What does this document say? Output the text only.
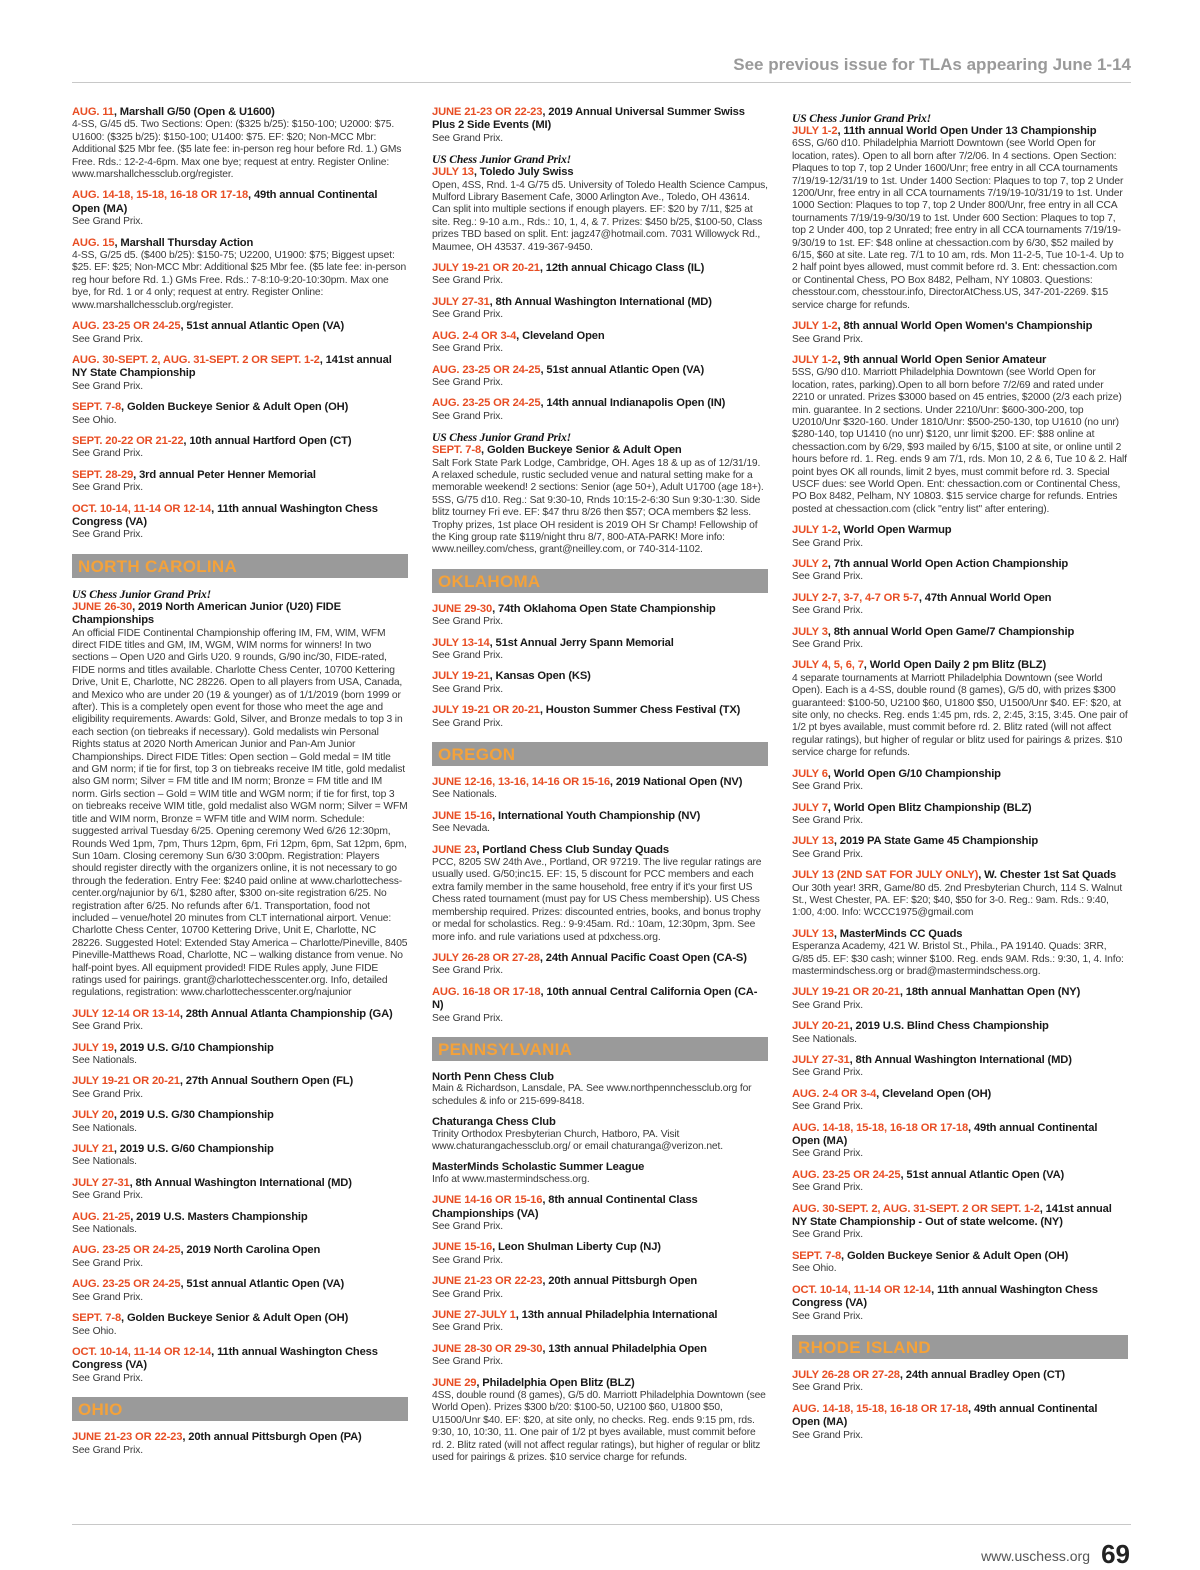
See previous issue for TLAs appearing June 1-14
AUG. 11, Marshall G/50 (Open & U1600)
4-SS, G/45 d5. Two Sections: Open: ($325 b/25): $150-100; U2000: $75. U1600: ($325 b/25): $150-100; U1400: $75. EF: $20; Non-MCC Mbr: Additional $25 Mbr fee. ($5 late fee: in-person reg hour before Rd. 1.) GMs Free. Rds.: 12-2-4-6pm. Max one bye; request at entry. Register Online: www.marshallchessclub.org/register.
AUG. 14-18, 15-18, 16-18 OR 17-18, 49th annual Continental Open (MA)
See Grand Prix.
AUG. 15, Marshall Thursday Action
4-SS, G/25 d5. ($400 b/25): $150-75; U2200, U1900: $75; Biggest upset: $25. EF: $25; Non-MCC Mbr: Additional $25 Mbr fee. ($5 late fee: in-person reg hour before Rd. 1.) GMs Free. Rds.: 7-8:10-9:20-10:30pm. Max one bye, for Rd. 1 or 4 only; request at entry. Register Online: www.marshallchessclub.org/register.
AUG. 23-25 OR 24-25, 51st annual Atlantic Open (VA)
See Grand Prix.
AUG. 30-SEPT. 2, AUG. 31-SEPT. 2 OR SEPT. 1-2, 141st annual NY State Championship
See Grand Prix.
SEPT. 7-8, Golden Buckeye Senior & Adult Open (OH)
See Ohio.
SEPT. 20-22 OR 21-22, 10th annual Hartford Open (CT)
See Grand Prix.
SEPT. 28-29, 3rd annual Peter Henner Memorial
See Grand Prix.
OCT. 10-14, 11-14 OR 12-14, 11th annual Washington Chess Congress (VA)
See Grand Prix.
NORTH CAROLINA
US Chess Junior Grand Prix!
JUNE 26-30, 2019 North American Junior (U20) FIDE Championships
An official FIDE Continental Championship offering IM, FM, WIM, WFM direct FIDE titles and GM, IM, WGM, WIM norms for winners! In two sections – Open U20 and Girls U20. 9 rounds, G/90 inc/30, FIDE-rated, FIDE norms and titles available. Charlotte Chess Center, 10700 Kettering Drive, Unit E, Charlotte, NC 28226. Open to all players from USA, Canada, and Mexico who are under 20 (19 & younger) as of 1/1/2019 (born 1999 or after). This is a completely open event for those who meet the age and eligibility requirements. Awards: Gold, Silver, and Bronze medals to top 3 in each section (on tiebreaks if necessary). Gold medalists win Personal Rights status at 2020 North American Junior and Pan-Am Junior Championships. Direct FIDE Titles: Open section – Gold medal = IM title and GM norm; if tie for first, top 3 on tiebreaks receive IM title, gold medalist also GM norm; Silver = FM title and IM norm; Bronze = FM title and IM norm. Girls section – Gold = WIM title and WGM norm; if tie for first, top 3 on tiebreaks receive WIM title, gold medalist also WGM norm; Silver = WFM title and WIM norm, Bronze = WFM title and WIM norm. Schedule: suggested arrival Tuesday 6/25. Opening ceremony Wed 6/26 12:30pm, Rounds Wed 1pm, 7pm, Thurs 12pm, 6pm, Fri 12pm, 6pm, Sat 12pm, 6pm, Sun 10am. Closing ceremony Sun 6/30 3:00pm. Registration: Players should register directly with the organizers online, it is not necessary to go through the federation. Entry Fee: $240 paid online at www.charlottechess-center.org/najunior by 6/1, $280 after, $300 on-site registration 6/25. No registration after 6/25. No refunds after 6/1. Transportation, food not included – venue/hotel 20 minutes from CLT international airport. Venue: Charlotte Chess Center, 10700 Kettering Drive, Unit E, Charlotte, NC 28226. Suggested Hotel: Extended Stay America – Charlotte/Pineville, 8405 Pineville-Matthews Road, Charlotte, NC – walking distance from venue. No half-point byes. All equipment provided! FIDE Rules apply, June FIDE ratings used for pairings. grant@charlottechesscenter.org. Info, detailed regulations, registration: www.charlottechesscenter.org/najunior
JULY 12-14 OR 13-14, 28th Annual Atlanta Championship (GA)
See Grand Prix.
JULY 19, 2019 U.S. G/10 Championship
See Nationals.
JULY 19-21 OR 20-21, 27th Annual Southern Open (FL)
See Grand Prix.
JULY 20, 2019 U.S. G/30 Championship
See Nationals.
JULY 21, 2019 U.S. G/60 Championship
See Nationals.
JULY 27-31, 8th Annual Washington International (MD)
See Grand Prix.
AUG. 21-25, 2019 U.S. Masters Championship
See Nationals.
AUG. 23-25 OR 24-25, 2019 North Carolina Open
See Grand Prix.
AUG. 23-25 OR 24-25, 51st annual Atlantic Open (VA)
See Grand Prix.
SEPT. 7-8, Golden Buckeye Senior & Adult Open (OH)
See Ohio.
OCT. 10-14, 11-14 OR 12-14, 11th annual Washington Chess Congress (VA)
See Grand Prix.
OHIO
JUNE 21-23 OR 22-23, 20th annual Pittsburgh Open (PA)
See Grand Prix.
JUNE 21-23 OR 22-23, 2019 Annual Universal Summer Swiss Plus 2 Side Events (MI)
See Grand Prix.
US Chess Junior Grand Prix!
JULY 13, Toledo July Swiss
Open, 4SS, Rnd. 1-4 G/75 d5. University of Toledo Health Science Campus, Mulford Library Basement Cafe, 3000 Arlington Ave., Toledo, OH 43614. Can split into multiple sections if enough players. EF: $20 by 7/11, $25 at site. Reg.: 9-10 a.m., Rds.: 10, 1, 4, & 7. Prizes: $450 b/25, $100-50, Class prizes TBD based on split. Ent: jagz47@hotmail.com. 7031 Willowyck Rd., Maumee, OH 43537. 419-367-9450.
JULY 19-21 OR 20-21, 12th annual Chicago Class (IL)
See Grand Prix.
JULY 27-31, 8th Annual Washington International (MD)
See Grand Prix.
AUG. 2-4 OR 3-4, Cleveland Open
See Grand Prix.
AUG. 23-25 OR 24-25, 51st annual Atlantic Open (VA)
See Grand Prix.
AUG. 23-25 OR 24-25, 14th annual Indianapolis Open (IN)
See Grand Prix.
US Chess Junior Grand Prix!
SEPT. 7-8, Golden Buckeye Senior & Adult Open
Salt Fork State Park Lodge, Cambridge, OH. Ages 18 & up as of 12/31/19. A relaxed schedule, rustic secluded venue and natural setting make for a memorable weekend! 2 sections: Senior (age 50+), Adult U1700 (age 18+). 5SS, G/75 d10. Reg.: Sat 9:30-10, Rnds 10:15-2-6:30 Sun 9:30-1:30. Side blitz tourney Fri eve. EF: $47 thru 8/26 then $57; OCA members $2 less. Trophy prizes, 1st place OH resident is 2019 OH Sr Champ! Fellowship of the King group rate $119/night thru 8/7, 800-ATA-PARK! More info: www.neilley.com/chess, grant@neilley.com, or 740-314-1102.
OKLAHOMA
JUNE 29-30, 74th Oklahoma Open State Championship
See Grand Prix.
JULY 13-14, 51st Annual Jerry Spann Memorial
See Grand Prix.
JULY 19-21, Kansas Open (KS)
See Grand Prix.
JULY 19-21 OR 20-21, Houston Summer Chess Festival (TX)
See Grand Prix.
OREGON
JUNE 12-16, 13-16, 14-16 OR 15-16, 2019 National Open (NV)
See Nationals.
JUNE 15-16, International Youth Championship (NV)
See Nevada.
JUNE 23, Portland Chess Club Sunday Quads
PCC, 8205 SW 24th Ave., Portland, OR 97219. The live regular ratings are usually used. G/50;inc15. EF: 15, 5 discount for PCC members and each extra family member in the same household, free entry if it's your first US Chess rated tournament (must pay for US Chess membership). US Chess membership required. Prizes: discounted entries, books, and bonus trophy or medal for scholastics. Reg.: 9-9:45am. Rd.: 10am, 12:30pm, 3pm. See more info. and rule variations used at pdxchess.org.
JULY 26-28 OR 27-28, 24th Annual Pacific Coast Open (CA-S)
See Grand Prix.
AUG. 16-18 OR 17-18, 10th annual Central California Open (CA-N)
See Grand Prix.
PENNSYLVANIA
North Penn Chess Club
Main & Richardson, Lansdale, PA. See www.northpennchessclub.org for schedules & info or 215-699-8418.
Chaturanga Chess Club
Trinity Orthodox Presbyterian Church, Hatboro, PA. Visit www.chaturangachessclub.org/ or email chaturanga@verizon.net.
MasterMinds Scholastic Summer League
Info at www.mastermindschess.org.
JUNE 14-16 OR 15-16, 8th annual Continental Class Championships (VA)
See Grand Prix.
JUNE 15-16, Leon Shulman Liberty Cup (NJ)
See Grand Prix.
JUNE 21-23 OR 22-23, 20th annual Pittsburgh Open
See Grand Prix.
JUNE 27-JULY 1, 13th annual Philadelphia International
See Grand Prix.
JUNE 28-30 OR 29-30, 13th annual Philadelphia Open
See Grand Prix.
JUNE 29, Philadelphia Open Blitz (BLZ)
4SS, double round (8 games), G/5 d0. Marriott Philadelphia Downtown (see World Open). Prizes $300 b/20: $100-50, U2100 $60, U1800 $50, U1500/Unr $40. EF: $20, at site only, no checks. Reg. ends 9:15 pm, rds. 9:30, 10, 10:30, 11. One pair of 1/2 pt byes available, must commit before rd. 2. Blitz rated (will not affect regular ratings), but higher of regular or blitz used for pairings & prizes. $10 service charge for refunds.
US Chess Junior Grand Prix!
JULY 1-2, 11th annual World Open Under 13 Championship
6SS, G/60 d10. Philadelphia Marriott Downtown (see World Open for location, rates). Open to all born after 7/2/06. In 4 sections. Open Section: Plaques to top 7, top 2 Under 1600/Unr; free entry in all CCA tournaments 7/19/19-12/31/19 to 1st. Under 1400 Section: Plaques to top 7, top 2 Under 1200/Unr, free entry in all CCA tournaments 7/19/19-10/31/19 to 1st. Under 1000 Section: Plaques to top 7, top 2 Under 800/Unr, free entry in all CCA tournaments 7/19/19-9/30/19 to 1st. Under 600 Section: Plaques to top 7, top 2 Under 400, top 2 Unrated; free entry in all CCA tournaments 7/19/19-9/30/19 to 1st. EF: $48 online at chessaction.com by 6/30, $52 mailed by 6/15, $60 at site. Late reg. 7/1 to 10 am, rds. Mon 11-2-5, Tue 10-1-4. Up to 2 half point byes allowed, must commit before rd. 3. Ent: chessaction.com or Continental Chess, PO Box 8482, Pelham, NY 10803. Questions: chesstour.com, chesstour.info, DirectorAtChess.US, 347-201-2269. $15 service charge for refunds.
JULY 1-2, 8th annual World Open Women's Championship
See Grand Prix.
JULY 1-2, 9th annual World Open Senior Amateur
5SS, G/90 d10. Marriott Philadelphia Downtown (see World Open for location, rates, parking).Open to all born before 7/2/69 and rated under 2210 or unrated. Prizes $3000 based on 45 entries, $2000 (2/3 each prize) min. guarantee. In 2 sections. Under 2210/Unr: $600-300-200, top U2010/Unr $320-160. Under 1810/Unr: $500-250-130, top U1610 (no unr) $280-140, top U1410 (no unr) $120, unr limit $200. EF: $88 online at chessaction.com by 6/29, $93 mailed by 6/15, $100 at site, or online until 2 hours before rd. 1. Reg. ends 9 am 7/1, rds. Mon 10, 2 & 6, Tue 10 & 2. Half point byes OK all rounds, limit 2 byes, must commit before rd. 3. Special USCF dues: see World Open. Ent: chessaction.com or Continental Chess, PO Box 8482, Pelham, NY 10803. $15 service charge for refunds. Entries posted at chessaction.com (click "entry list" after entering).
JULY 1-2, World Open Warmup
See Grand Prix.
JULY 2, 7th annual World Open Action Championship
See Grand Prix.
JULY 2-7, 3-7, 4-7 OR 5-7, 47th Annual World Open
See Grand Prix.
JULY 3, 8th annual World Open Game/7 Championship
See Grand Prix.
JULY 4, 5, 6, 7, World Open Daily 2 pm Blitz (BLZ)
4 separate tournaments at Marriott Philadelphia Downtown (see World Open). Each is a 4-SS, double round (8 games), G/5 d0, with prizes $300 guaranteed: $100-50, U2100 $60, U1800 $50, U1500/Unr $40. EF: $20, at site only, no checks. Reg. ends 1:45 pm, rds. 2, 2:45, 3:15, 3:45. One pair of 1/2 pt byes available, must commit before rd. 2. Blitz rated (will not affect regular ratings), but higher of regular or blitz used for pairings & prizes. $10 service charge for refunds.
JULY 6, World Open G/10 Championship
See Grand Prix.
JULY 7, World Open Blitz Championship (BLZ)
See Grand Prix.
JULY 13, 2019 PA State Game 45 Championship
See Grand Prix.
JULY 13 (2ND SAT FOR JULY ONLY), W. Chester 1st Sat Quads
Our 30th year! 3RR, Game/80 d5. 2nd Presbyterian Church, 114 S. Walnut St., West Chester, PA. EF: $20; $40, $50 for 3-0. Reg.: 9am. Rds.: 9:40, 1:00, 4:00. Info: WCCC1975@gmail.com
JULY 13, MasterMinds CC Quads
Esperanza Academy, 421 W. Bristol St., Phila., PA 19140. Quads: 3RR, G/85 d5. EF: $30 cash; winner $100. Reg. ends 9AM. Rds.: 9:30, 1, 4. Info: mastermindschess.org or brad@mastermindschess.org.
JULY 19-21 OR 20-21, 18th annual Manhattan Open (NY)
See Grand Prix.
JULY 20-21, 2019 U.S. Blind Chess Championship
See Nationals.
JULY 27-31, 8th Annual Washington International (MD)
See Grand Prix.
AUG. 2-4 OR 3-4, Cleveland Open (OH)
See Grand Prix.
AUG. 14-18, 15-18, 16-18 OR 17-18, 49th annual Continental Open (MA)
See Grand Prix.
AUG. 23-25 OR 24-25, 51st annual Atlantic Open (VA)
See Grand Prix.
AUG. 30-SEPT. 2, AUG. 31-SEPT. 2 OR SEPT. 1-2, 141st annual NY State Championship - Out of state welcome. (NY)
See Grand Prix.
SEPT. 7-8, Golden Buckeye Senior & Adult Open (OH)
See Ohio.
OCT. 10-14, 11-14 OR 12-14, 11th annual Washington Chess Congress (VA)
See Grand Prix.
RHODE ISLAND
JULY 26-28 OR 27-28, 24th annual Bradley Open (CT)
See Grand Prix.
AUG. 14-18, 15-18, 16-18 OR 17-18, 49th annual Continental Open (MA)
See Grand Prix.
www.uschess.org 69
